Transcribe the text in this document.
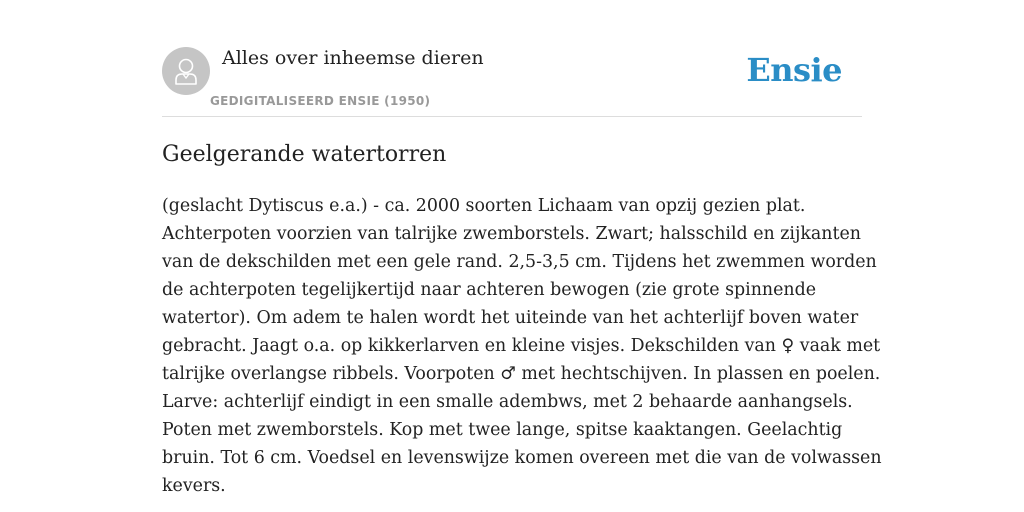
Alles over inheemse dieren
GEDIGITALISEERD ENSIE (1950)
Ensie
Geelgerande watertorren

(geslacht Dytiscus e.a.) - ca. 2000 soorten Lichaam van opzij gezien plat.
Achterpoten voorzien van talrijke zwemborstels. Zwart; halsschild en zijkanten
van de dekschilden met een gele rand. 2,5-3,5 cm. Tijdens het zwemmen worden
de achterpoten tegelijkertijd naar achteren bewogen (zie grote spinnende
watertor). Om adem te halen wordt het uiteinde van het achterlijf boven water
gebracht. Jaagt o.a. op kikkerlarven en kleine visjes. Dekschilden van ♀ vaak met
talrijke overlangse ribbels. Voorpoten ♂ met hechtschijven. In plassen en poelen.
Larve: achterlijf eindigt in een smalle adembws, met 2 behaarde aanhangsels.
Poten met zwemborstels. Kop met twee lange, spitse kaaktangen. Geelachtig
bruin. Tot 6 cm. Voedsel en levenswijze komen overeen met die van de volwassen
kevers.
